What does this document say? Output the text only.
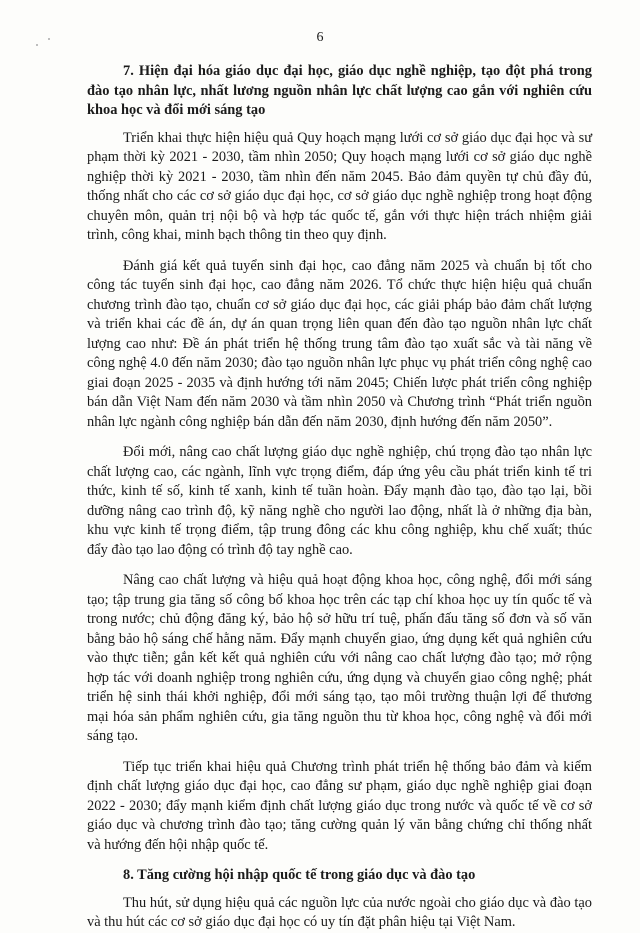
6

7. Hiện đại hóa giáo dục đại học, giáo dục nghề nghiệp, tạo đột phá trong đào tạo nhân lực, nhất lương nguồn nhân lực chất lượng cao gắn với nghiên cứu khoa học và đổi mới sáng tạo

Triển khai thực hiện hiệu quả Quy hoạch mạng lưới cơ sở giáo dục đại học và sư phạm thời kỳ 2021 - 2030, tầm nhìn 2050; Quy hoạch mạng lưới cơ sở giáo dục nghề nghiệp thời kỳ 2021 - 2030, tầm nhìn đến năm 2045. Bảo đảm quyền tự chủ đầy đủ, thống nhất cho các cơ sở giáo dục đại học, cơ sở giáo dục nghề nghiệp trong hoạt động chuyên môn, quản trị nội bộ và hợp tác quốc tế, gắn với thực hiện trách nhiệm giải trình, công khai, minh bạch thông tin theo quy định.

Đánh giá kết quả tuyển sinh đại học, cao đẳng năm 2025 và chuẩn bị tốt cho công tác tuyển sinh đại học, cao đẳng năm 2026. Tổ chức thực hiện hiệu quả chuẩn chương trình đào tạo, chuẩn cơ sở giáo dục đại học, các giải pháp bảo đảm chất lượng và triển khai các đề án, dự án quan trọng liên quan đến đào tạo nguồn nhân lực chất lượng cao như: Đề án phát triển hệ thống trung tâm đào tạo xuất sắc và tài năng về công nghệ 4.0 đến năm 2030; đào tạo nguồn nhân lực phục vụ phát triển công nghệ cao giai đoạn 2025 - 2035 và định hướng tới năm 2045; Chiến lược phát triển công nghiệp bán dẫn Việt Nam đến năm 2030 và tầm nhìn 2050 và Chương trình “Phát triển nguồn nhân lực ngành công nghiệp bán dẫn đến năm 2030, định hướng đến năm 2050”.

Đổi mới, nâng cao chất lượng giáo dục nghề nghiệp, chú trọng đào tạo nhân lực chất lượng cao, các ngành, lĩnh vực trọng điểm, đáp ứng yêu cầu phát triển kinh tế tri thức, kinh tế số, kinh tế xanh, kinh tế tuần hoàn. Đẩy mạnh đào tạo, đào tạo lại, bồi dưỡng nâng cao trình độ, kỹ năng nghề cho người lao động, nhất là ở những địa bàn, khu vực kinh tế trọng điểm, tập trung đông các khu công nghiệp, khu chế xuất; thúc đẩy đào tạo lao động có trình độ tay nghề cao.

Nâng cao chất lượng và hiệu quả hoạt động khoa học, công nghệ, đổi mới sáng tạo; tập trung gia tăng số công bố khoa học trên các tạp chí khoa học uy tín quốc tế và trong nước; chủ động đăng ký, bảo hộ sở hữu trí tuệ, phấn đấu tăng số đơn và số văn bằng bảo hộ sáng chế hằng năm. Đẩy mạnh chuyển giao, ứng dụng kết quả nghiên cứu vào thực tiễn; gắn kết kết quả nghiên cứu với nâng cao chất lượng đào tạo; mở rộng hợp tác với doanh nghiệp trong nghiên cứu, ứng dụng và chuyển giao công nghệ; phát triển hệ sinh thái khởi nghiệp, đổi mới sáng tạo, tạo môi trường thuận lợi để thương mại hóa sản phẩm nghiên cứu, gia tăng nguồn thu từ khoa học, công nghệ và đổi mới sáng tạo.

Tiếp tục triển khai hiệu quả Chương trình phát triển hệ thống bảo đảm và kiểm định chất lượng giáo dục đại học, cao đẳng sư phạm, giáo dục nghề nghiệp giai đoạn 2022 - 2030; đẩy mạnh kiểm định chất lượng giáo dục trong nước và quốc tế về cơ sở giáo dục và chương trình đào tạo; tăng cường quản lý văn bằng chứng chỉ thống nhất và hướng đến hội nhập quốc tế.

8. Tăng cường hội nhập quốc tế trong giáo dục và đào tạo

Thu hút, sử dụng hiệu quả các nguồn lực của nước ngoài cho giáo dục và đào tạo và thu hút các cơ sở giáo dục đại học có uy tín đặt phân hiệu tại Việt Nam.
